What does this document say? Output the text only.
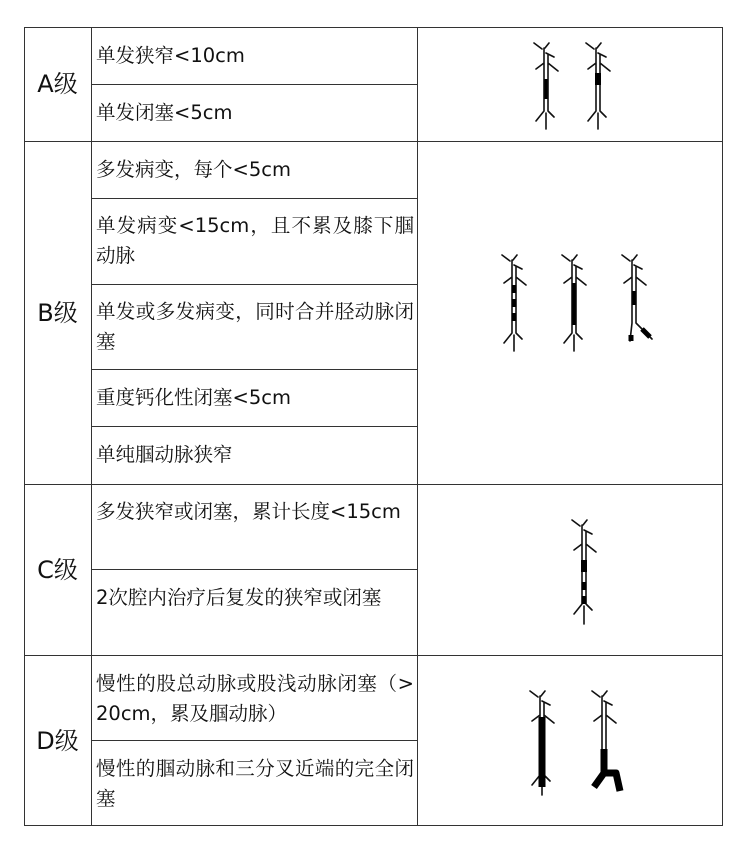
A级
B级
C级
D级
单发狭窄<10cm
单发闭塞<5cm
多发病变，每个<5cm
单发病变<15cm，且不累及膝下腘动脉
单发或多发病变，同时合并胫动脉闭塞
重度钙化性闭塞<5cm
单纯腘动脉狭窄
多发狭窄或闭塞，累计长度<15cm
2次腔内治疗后复发的狭窄或闭塞
慢性的股总动脉或股浅动脉闭塞（>20cm，累及腘动脉）
慢性的腘动脉和三分叉近端的完全闭塞
